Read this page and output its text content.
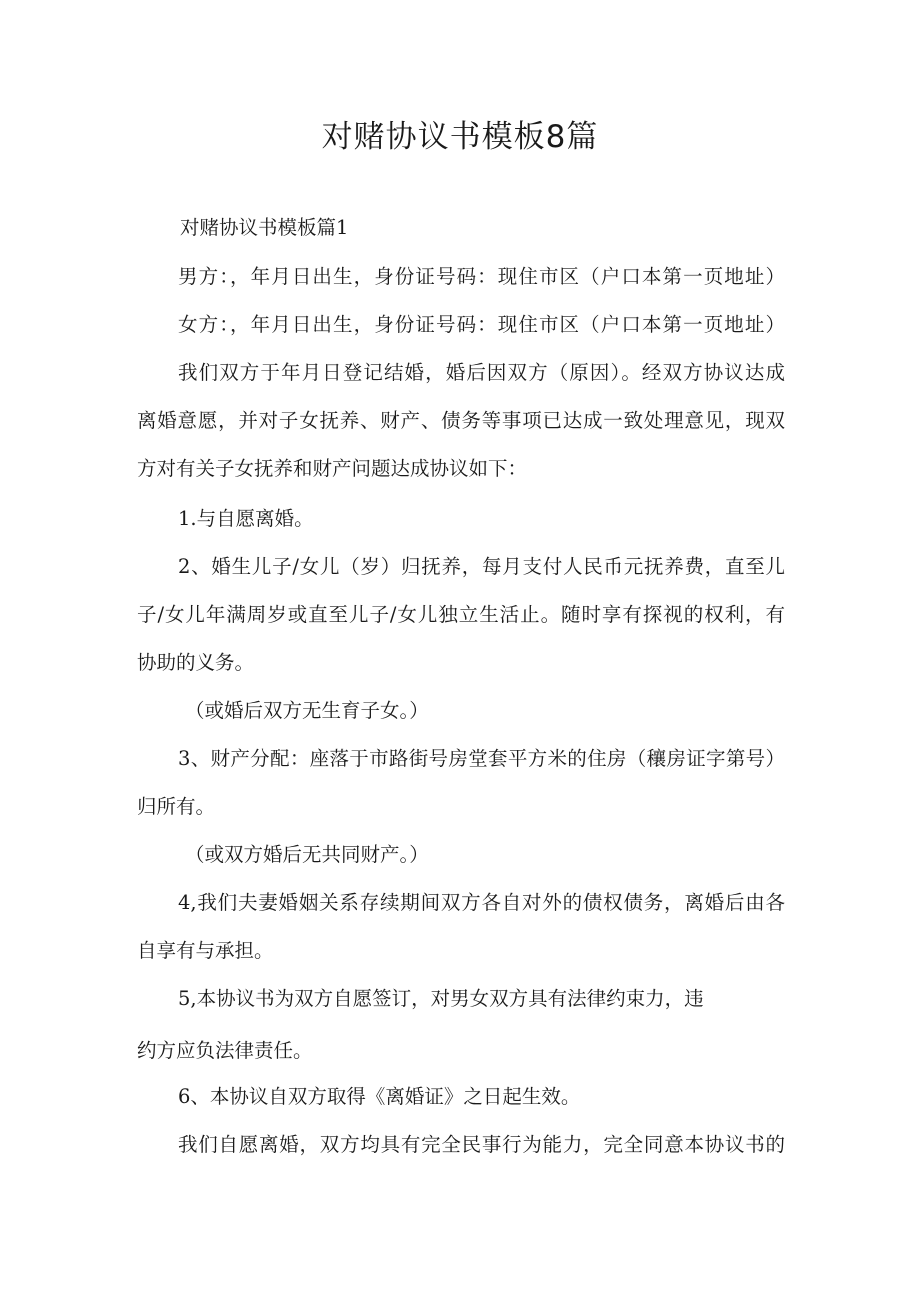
对赌协议书模板8篇

对赌协议书模板篇1

男方：，年月日出生，身份证号码：现住市区（户口本第一页地址）

女方：，年月日出生，身份证号码：现住市区（户口本第一页地址）

我们双方于年月日登记结婚，婚后因双方（原因）。经双方协议达成

离婚意愿，并对子女抚养、财产、债务等事项已达成一致处理意见，现双

方对有关子女抚养和财产问题达成协议如下：

1.与自愿离婚。

2、婚生儿子/女儿（岁）归抚养，每月支付人民币元抚养费，直至儿

子/女儿年满周岁或直至儿子/女儿独立生活止。随时享有探视的权利，有

协助的义务。

（或婚后双方无生育子女。）

3、财产分配：座落于市路街号房堂套平方米的住房（穰房证字第号）

归所有。

（或双方婚后无共同财产。）

4,我们夫妻婚姻关系存续期间双方各自对外的债权债务，离婚后由各

自享有与承担。

5,本协议书为双方自愿签订，对男女双方具有法律约束力，违

约方应负法律责任。

6、本协议自双方取得《离婚证》之日起生效。

我们自愿离婚，双方均具有完全民事行为能力，完全同意本协议书的
